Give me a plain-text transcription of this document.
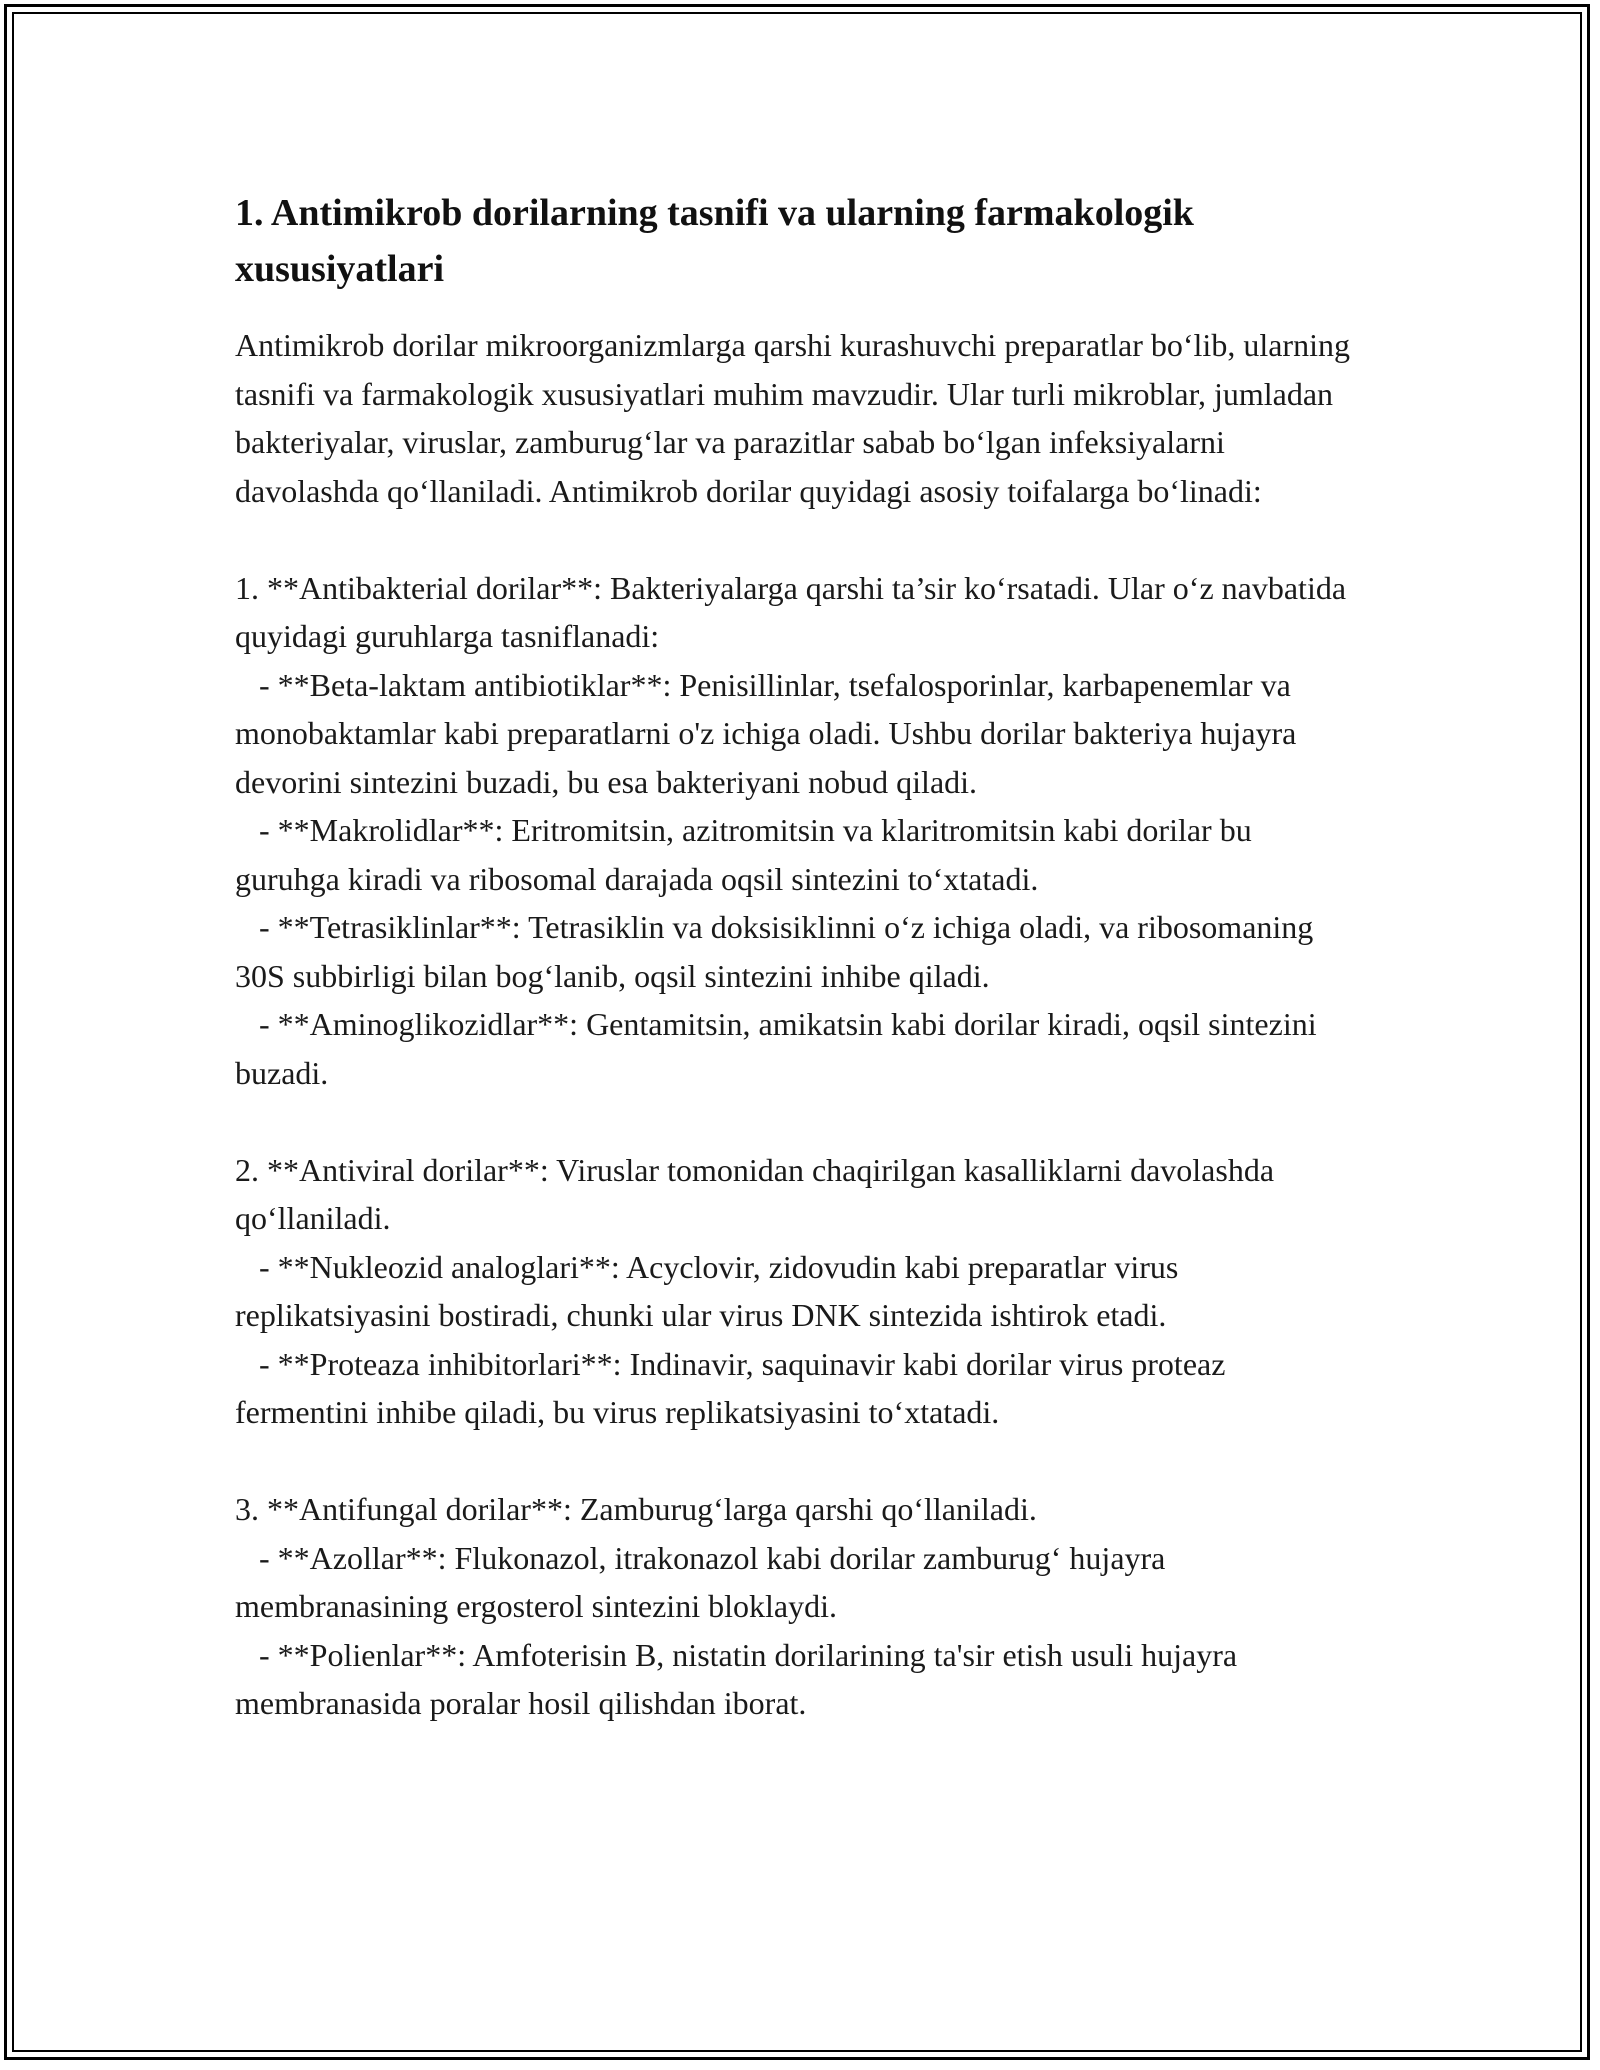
1. Antimikrob dorilarning tasnifi va ularning farmakologik xususiyatlari

Antimikrob dorilar mikroorganizmlarga qarshi kurashuvchi preparatlar bo‘lib, ularning tasnifi va farmakologik xususiyatlari muhim mavzudir. Ular turli mikroblar, jumladan bakteriyalar, viruslar, zamburug‘lar va parazitlar sabab bo‘lgan infeksiyalarni davolashda qo‘llaniladi. Antimikrob dorilar quyidagi asosiy toifalarga bo‘linadi:

1. **Antibakterial dorilar**: Bakteriyalarga qarshi ta’sir ko‘rsatadi. Ular o‘z navbatida quyidagi guruhlarga tasniflanadi:

- **Beta-laktam antibiotiklar**: Penisillinlar, tsefalosporinlar, karbapenemlar va monobaktamlar kabi preparatlarni o'z ichiga oladi. Ushbu dorilar bakteriya hujayra devorini sintezini buzadi, bu esa bakteriyani nobud qiladi.

- **Makrolidlar**: Eritromitsin, azitromitsin va klaritromitsin kabi dorilar bu guruhga kiradi va ribosomal darajada oqsil sintezini to‘xtatadi.

- **Tetrasiklinlar**: Tetrasiklin va doksisiklinni o‘z ichiga oladi, va ribosomaning 30S subbirligi bilan bog‘lanib, oqsil sintezini inhibe qiladi.

- **Aminoglikozidlar**: Gentamitsin, amikatsin kabi dorilar kiradi, oqsil sintezini buzadi.

2. **Antiviral dorilar**: Viruslar tomonidan chaqirilgan kasalliklarni davolashda qo‘llaniladi.

- **Nukleozid analoglari**: Acyclovir, zidovudin kabi preparatlar virus replikatsiyasini bostiradi, chunki ular virus DNK sintezida ishtirok etadi.

- **Proteaza inhibitorlari**: Indinavir, saquinavir kabi dorilar virus proteaz fermentini inhibe qiladi, bu virus replikatsiyasini to‘xtatadi.

3. **Antifungal dorilar**: Zamburug‘larga qarshi qo‘llaniladi.

- **Azollar**: Flukonazol, itrakonazol kabi dorilar zamburug‘ hujayra membranasining ergosterol sintezini bloklaydi.

- **Polienlar**: Amfoterisin B, nistatin dorilarining ta'sir etish usuli hujayra membranasida poralar hosil qilishdan iborat.
